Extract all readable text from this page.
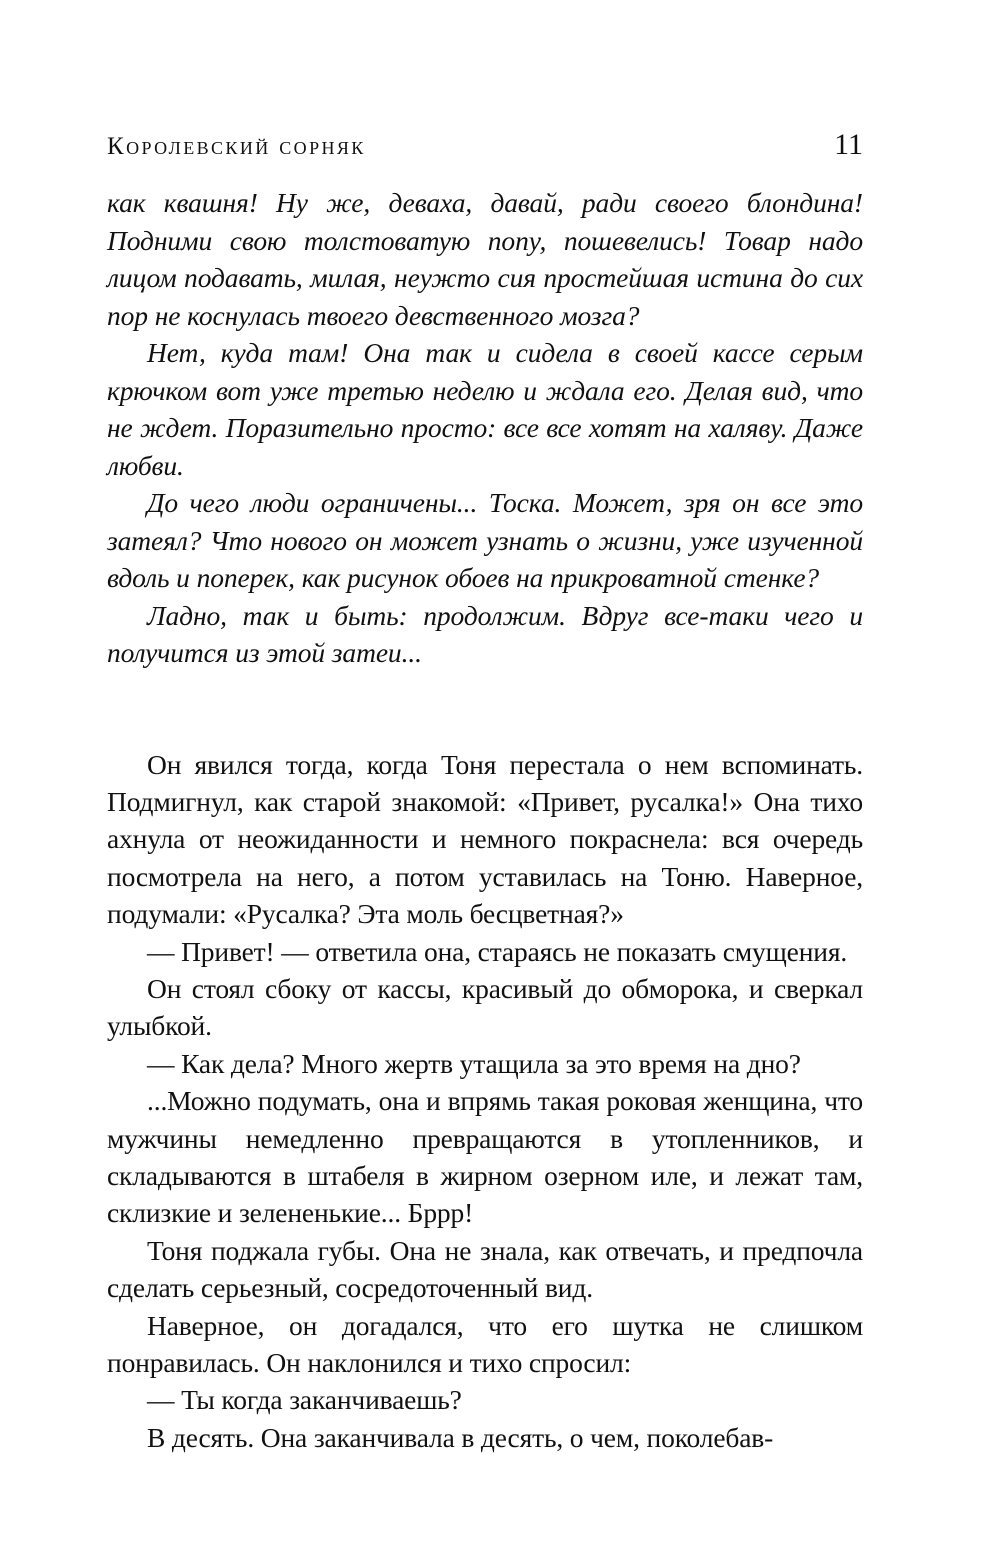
Королевский сорняк	11

как квашня! Ну же, деваха, давай, ради своего блондина! Подними свою толстоватую попу, пошевелись! Товар надо лицом подавать, милая, неужто сия простейшая истина до сих пор не коснулась твоего девственного мозга?

Нет, куда там! Она так и сидела в своей кассе серым крючком вот уже третью неделю и ждала его. Делая вид, что не ждет. Поразительно просто: все все хотят на халяву. Даже любви.

До чего люди ограничены... Тоска. Может, зря он все это затеял? Что нового он может узнать о жизни, уже изученной вдоль и поперек, как рисунок обоев на прикроватной стенке?

Ладно, так и быть: продолжим. Вдруг все-таки чего и получится из этой затеи...

Он явился тогда, когда Тоня перестала о нем вспоминать. Подмигнул, как старой знакомой: «Привет, русалка!» Она тихо ахнула от неожиданности и немного покраснела: вся очередь посмотрела на него, а потом уставилась на Тоню. Наверное, подумали: «Русалка? Эта моль бесцветная?»

— Привет! — ответила она, стараясь не показать смущения.

Он стоял сбоку от кассы, красивый до обморока, и сверкал улыбкой.

— Как дела? Много жертв утащила за это время на дно?

...Можно подумать, она и впрямь такая роковая женщина, что мужчины немедленно превращаются в утопленников, и складываются в штабеля в жирном озерном иле, и лежат там, склизкие и зелененькие... Бррр!

Тоня поджала губы. Она не знала, как отвечать, и предпочла сделать серьезный, сосредоточенный вид.

Наверное, он догадался, что его шутка не слишком понравилась. Он наклонился и тихо спросил:

— Ты когда заканчиваешь?

В десять. Она заканчивала в десять, о чем, поколебав-
